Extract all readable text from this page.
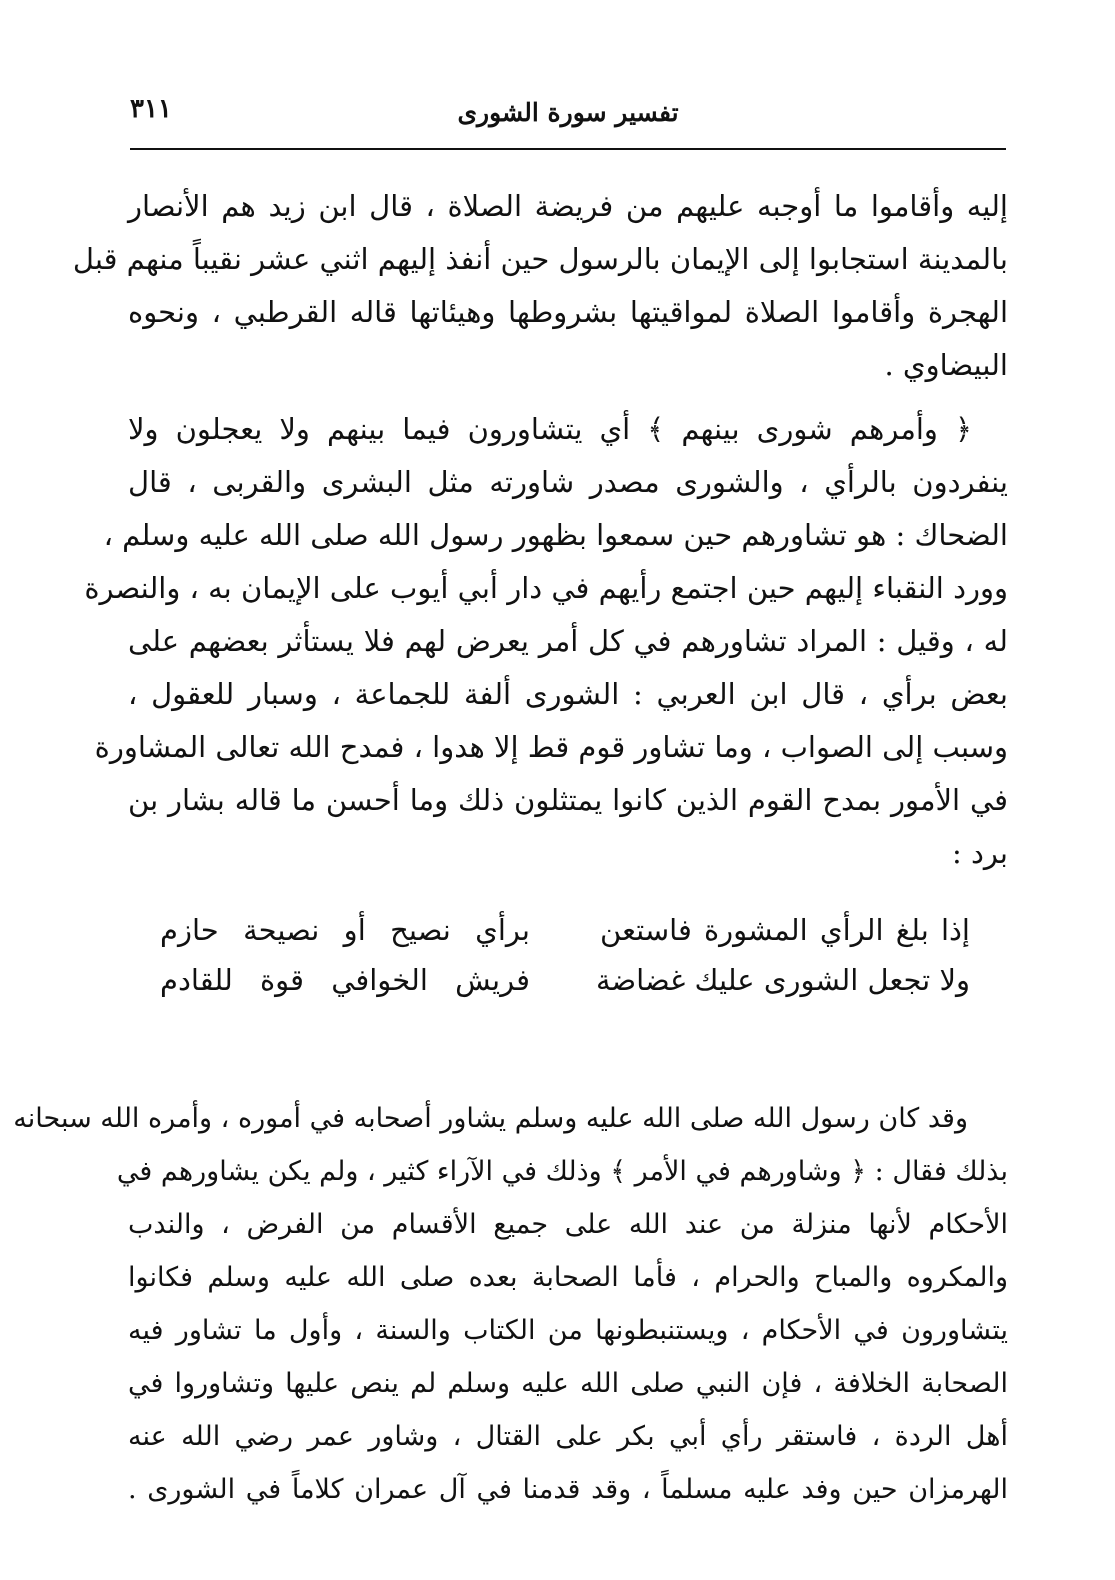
تفسير سورة الشورى
٣١١
إليه وأقاموا ما أوجبه عليهم من فريضة الصلاة ، قال ابن زيد هم الأنصار
بالمدينة استجابوا إلى الإيمان بالرسول حين أنفذ إليهم اثني عشر نقيباً منهم قبل
الهجرة وأقاموا الصلاة لمواقيتها بشروطها وهيئاتها قاله القرطبي ، ونحوه
البيضاوي .
﴿ وأمرهم شورى بينهم ﴾ أي يتشاورون فيما بينهم ولا يعجلون ولا
ينفردون بالرأي ، والشورى مصدر شاورته مثل البشرى والقربى ، قال
الضحاك : هو تشاورهم حين سمعوا بظهور رسول الله صلى الله عليه وسلم ،
وورد النقباء إليهم حين اجتمع رأيهم في دار أبي أيوب على الإيمان به ، والنصرة
له ، وقيل : المراد تشاورهم في كل أمر يعرض لهم فلا يستأثر بعضهم على
بعض برأي ، قال ابن العربي : الشورى ألفة للجماعة ، وسبار للعقول ،
وسبب إلى الصواب ، وما تشاور قوم قط إلا هدوا ، فمدح الله تعالى المشاورة
في الأمور بمدح القوم الذين كانوا يمتثلون ذلك وما أحسن ما قاله بشار بن
برد :
إذا بلغ الرأي المشورة فاستعن
برأي نصيح أو نصيحة حازم
ولا تجعل الشورى عليك غضاضة
فريش الخوافي قوة للقادم
وقد كان رسول الله صلى الله عليه وسلم يشاور أصحابه في أموره ، وأمره الله سبحانه
بذلك فقال : ﴿ وشاورهم في الأمر ﴾ وذلك في الآراء كثير ، ولم يكن يشاورهم في
الأحكام لأنها منزلة من عند الله على جميع الأقسام من الفرض ، والندب
والمكروه والمباح والحرام ، فأما الصحابة بعده صلى الله عليه وسلم فكانوا
يتشاورون في الأحكام ، ويستنبطونها من الكتاب والسنة ، وأول ما تشاور فيه
الصحابة الخلافة ، فإن النبي صلى الله عليه وسلم لم ينص عليها وتشاوروا في
أهل الردة ، فاستقر رأي أبي بكر على القتال ، وشاور عمر رضي الله عنه
الهرمزان حين وفد عليه مسلماً ، وقد قدمنا في آل عمران كلاماً في الشورى .
